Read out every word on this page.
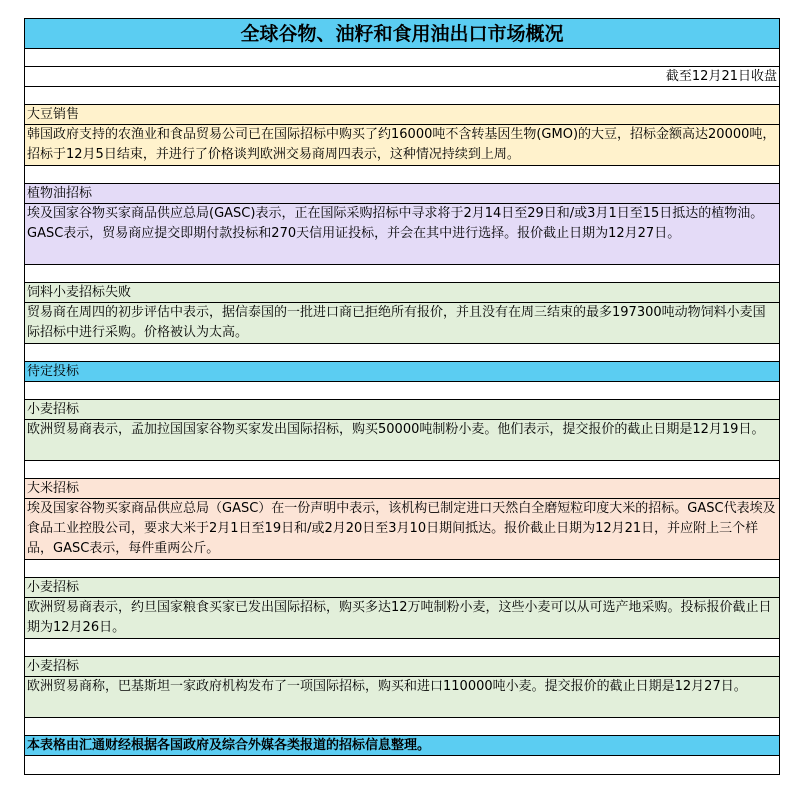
全球谷物、油籽和食用油出口市场概况
截至12月21日收盘
大豆销售
韩国政府支持的农渔业和食品贸易公司已在国际招标中购买了约16000吨不含转基因生物(GMO)的大豆，招标金额高达20000吨，招标于12月5日结束，并进行了价格谈判欧洲交易商周四表示，这种情况持续到上周。
植物油招标
埃及国家谷物买家商品供应总局(GASC)表示，正在国际采购招标中寻求将于2月14日至29日和/或3月1日至15日抵达的植物油。GASC表示，贸易商应提交即期付款投标和270天信用证投标，并会在其中进行选择。报价截止日期为12月27日。
饲料小麦招标失败
贸易商在周四的初步评估中表示，据信泰国的一批进口商已拒绝所有报价，并且没有在周三结束的最多197300吨动物饲料小麦国际招标中进行采购。价格被认为太高。
待定投标
小麦招标
欧洲贸易商表示，孟加拉国国家谷物买家发出国际招标，购买50000吨制粉小麦。他们表示，提交报价的截止日期是12月19日。
大米招标
埃及国家谷物买家商品供应总局（GASC）在一份声明中表示，该机构已制定进口天然白全磨短粒印度大米的招标。GASC代表埃及食品工业控股公司，要求大米于2月1日至19日和/或2月20日至3月10日期间抵达。报价截止日期为12月21日，并应附上三个样品，GASC表示，每件重两公斤。
小麦招标
欧洲贸易商表示，约旦国家粮食买家已发出国际招标，购买多达12万吨制粉小麦，这些小麦可以从可选产地采购。投标报价截止日期为12月26日。
小麦招标
欧洲贸易商称，巴基斯坦一家政府机构发布了一项国际招标，购买和进口110000吨小麦。提交报价的截止日期是12月27日。
本表格由汇通财经根据各国政府及综合外媒各类报道的招标信息整理。
